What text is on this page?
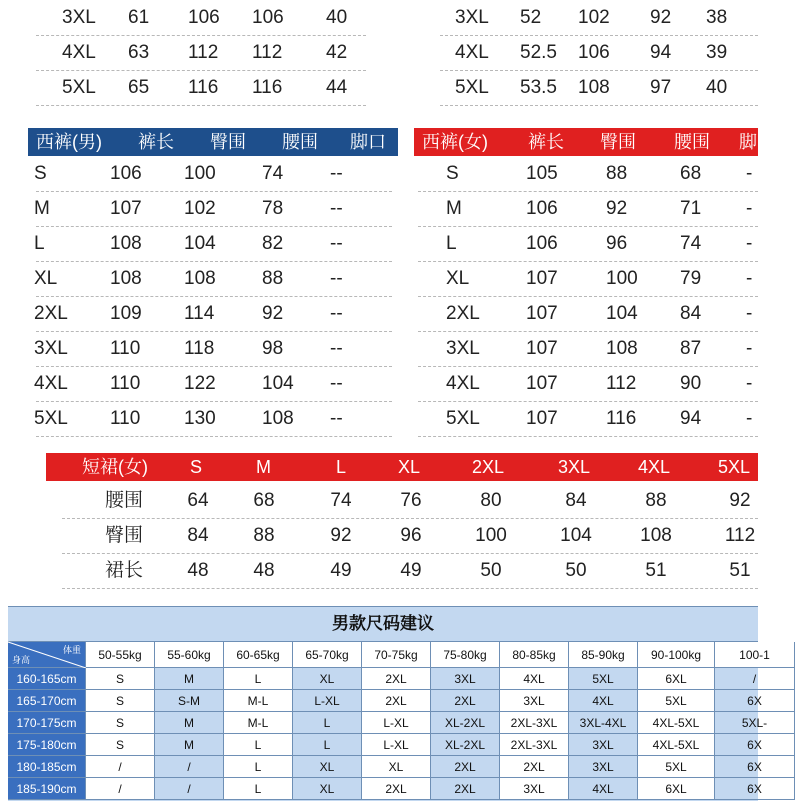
3XL 61 106 106 40
4XL 63 112 112 42
5XL 65 116 116 44
3XL 52 102 92 38
4XL 52.5 106 94 39
5XL 53.5 108 97 40
西裤(男) 裤长 臀围 腰围 脚口
S	106 100 74 --
M	107 102 78 --
L	108 104 82 --
XL	108 108 88 --
2XL 109 114	92 --
3XL 110 118	98 --
4XL 110 122 104 --
5XL 110 130 108 --
西裤(女) 裤长 臀围 腰围 脚
S	105	88	68 -
M	106	92	71 -
L	106	96	74 -
XL	107	100 79 -
2XL 107	104 84 -
3XL 107	108 87 -
4XL 107	112 90 -
5XL 107	116 94 -
短裙(女) S	M	L	XL	2XL	3XL	4XL	5XL
腰围	64	68	74	76	80	84	88	92
臀围	84	88	92	96	100	104	108	112
裙长	48	48	49	49	50	50	51	51
男款尺码建议
体重
身高	50-55kg	55-60kg	60-65kg	65-70kg	70-75kg	75-80kg	80-85kg	85-90kg	90-100kg	100-1
160-165cm	S	M	L	XL	2XL	3XL	4XL	5XL	6XL	/
165-170cm	S	S-M	M-L	L-XL	2XL	2XL	3XL	4XL	5XL	6X
170-175cm	S	M	M-L	L	L-XL	XL-2XL	2XL-3XL	3XL-4XL	4XL-5XL	5XL-
175-180cm	S	M	L	L	L-XL	XL-2XL	2XL-3XL	3XL	4XL-5XL	6X
180-185cm	/	/	L	XL	XL	2XL	2XL	3XL	5XL	6X
185-190cm	/	/	L	XL	2XL	2XL	3XL	4XL	6XL	6X
